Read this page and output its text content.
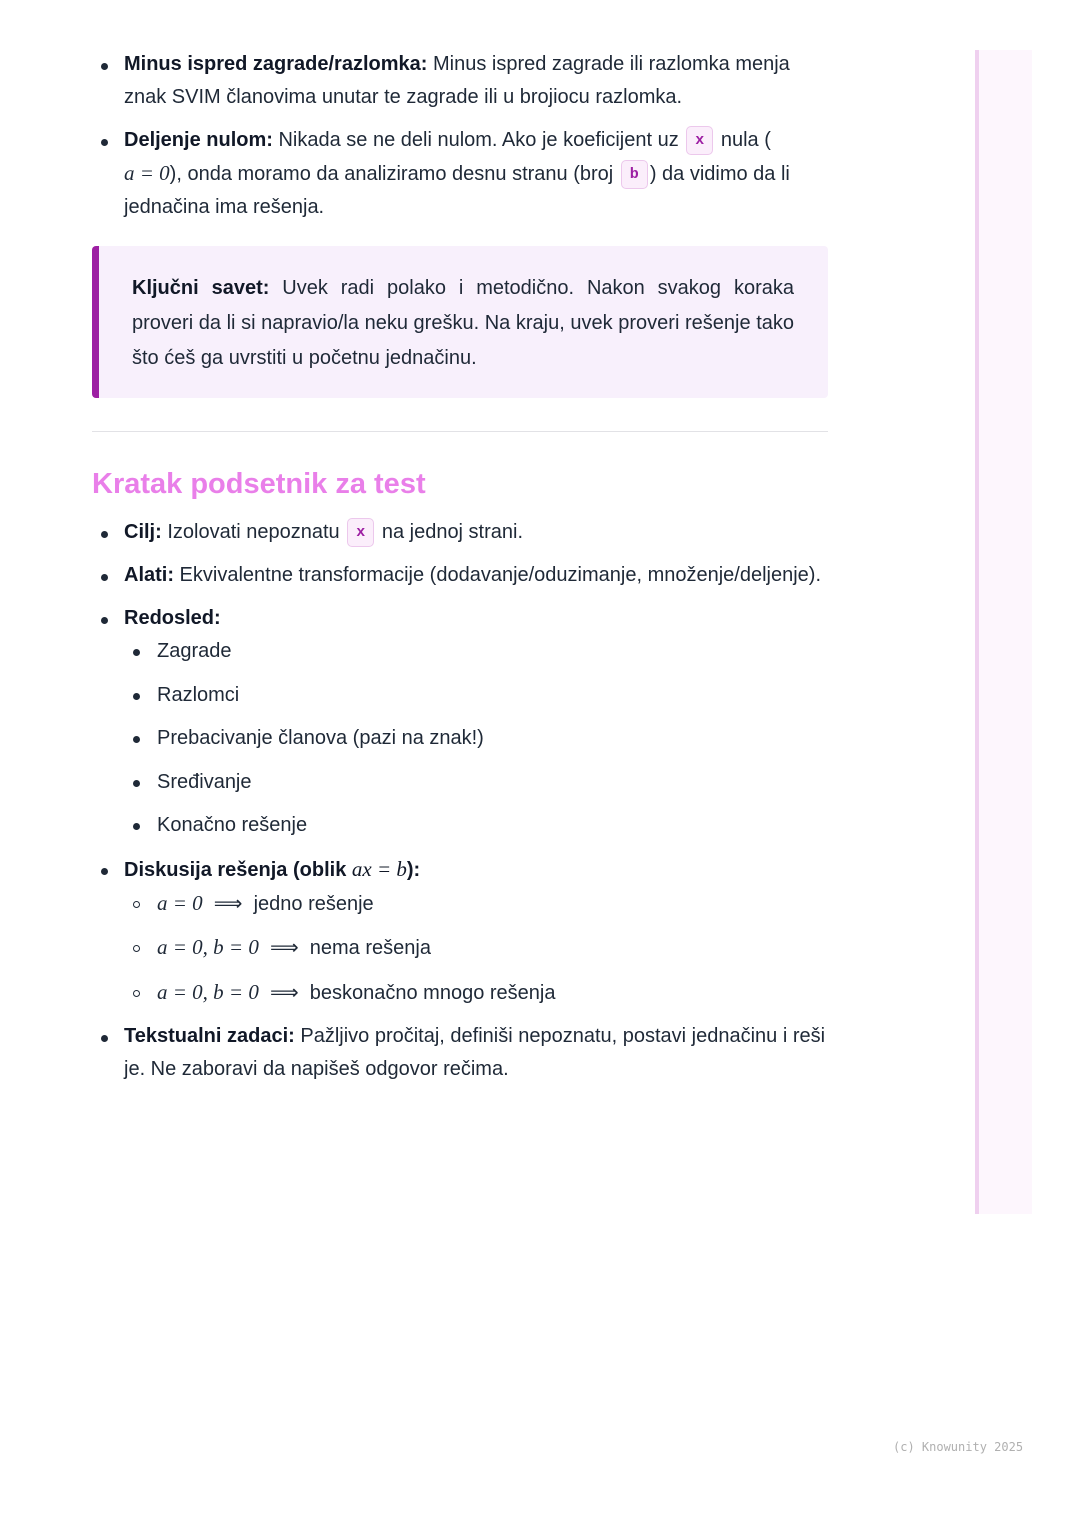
Minus ispred zagrade/razlomka: Minus ispred zagrade ili razlomka menja znak SVIM članovima unutar te zagrade ili u brojiocu razlomka.
Deljenje nulom: Nikada se ne deli nulom. Ako je koeficijent uz x nula (
a = 0), onda moramo da analiziramo desnu stranu (broj b ) da vidimo da li jednačina ima rešenja.
Ključni savet: Uvek radi polako i metodično. Nakon svakog koraka proveri da li si napravio/la neku grešku. Na kraju, uvek proveri rešenje tako što ćeš ga uvrstiti u početnu jednačinu.
Kratak podsetnik za test
Cilj: Izolovati nepoznatu x na jednoj strani.
Alati: Ekvivalentne transformacije (dodavanje/oduzimanje, množenje/deljenje).
Redosled:
Zagrade
Razlomci
Prebacivanje članova (pazi na znak!)
Sređivanje
Konačno rešenje
Diskusija rešenja (oblik ax = b):
a = 0 ⟹ jedno rešenje
a = 0, b = 0 ⟹ nema rešenja
a = 0, b = 0 ⟹ beskonačno mnogo rešenja
Tekstualni zadaci: Pažljivo pročitaj, definiši nepoznatu, postavi jednačinu i reši je. Ne zaboravi da napišeš odgovor rečima.
(c) Knowunity 2025
